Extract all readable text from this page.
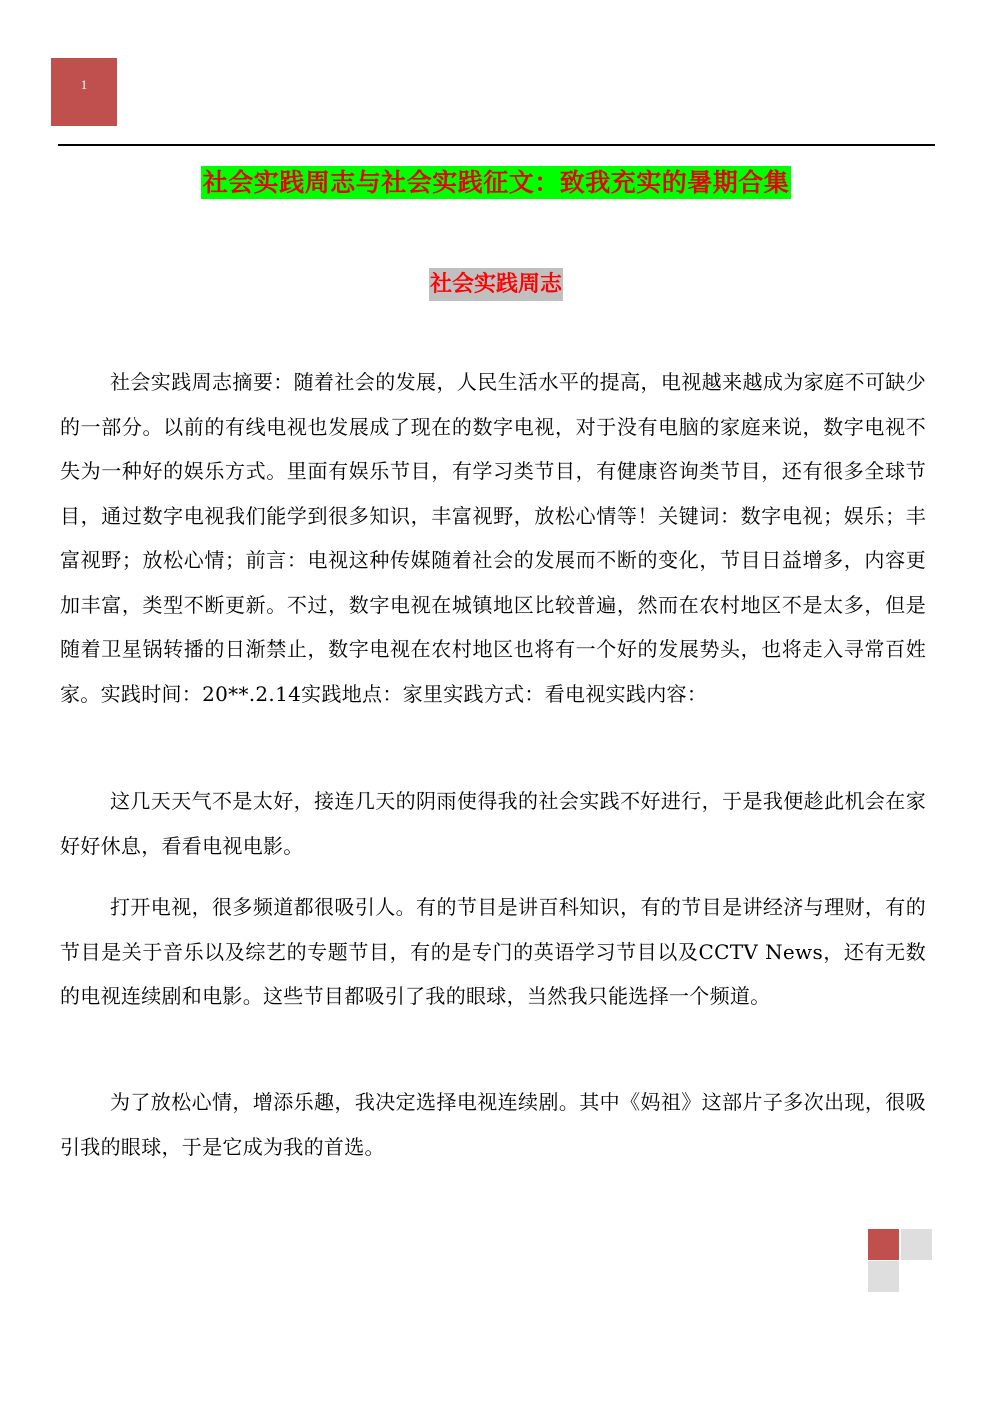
1
社会实践周志与社会实践征文：致我充实的暑期合集
社会实践周志

社会实践周志摘要：随着社会的发展，人民生活水平的提高，电视越来越成为家庭不可缺少的一部分。以前的有线电视也发展成了现在的数字电视，对于没有电脑的家庭来说，数字电视不失为一种好的娱乐方式。里面有娱乐节目，有学习类节目，有健康咨询类节目，还有很多全球节目，通过数字电视我们能学到很多知识，丰富视野，放松心情等！关键词：数字电视；娱乐；丰富视野；放松心情；前言：电视这种传媒随着社会的发展而不断的变化，节目日益增多，内容更加丰富，类型不断更新。不过，数字电视在城镇地区比较普遍，然而在农村地区不是太多，但是随着卫星锅转播的日渐禁止，数字电视在农村地区也将有一个好的发展势头，也将走入寻常百姓家。实践时间：20**.2.14实践地点：家里实践方式：看电视实践内容：

这几天天气不是太好，接连几天的阴雨使得我的社会实践不好进行，于是我便趁此机会在家好好休息，看看电视电影。

打开电视，很多频道都很吸引人。有的节目是讲百科知识，有的节目是讲经济与理财，有的节目是关于音乐以及综艺的专题节目，有的是专门的英语学习节目以及CCTV News，还有无数的电视连续剧和电影。这些节目都吸引了我的眼球，当然我只能选择一个频道。

为了放松心情，增添乐趣，我决定选择电视连续剧。其中《妈祖》这部片子多次出现，很吸引我的眼球，于是它成为我的首选。
